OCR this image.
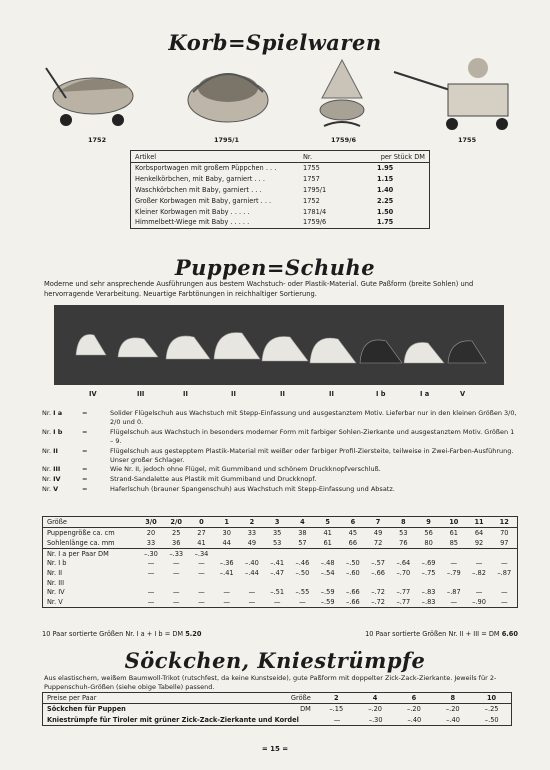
Korb=Spielwaren
1752	1795/1	1759/6	1755
Artikel	Nr.	per Stück DM
Korbsportwagen mit großem Püppchen . . .	1755	1.95
Henkelkörbchen, mit Baby, garniert . . .	1757	1.15
Waschkörbchen mit Baby, garniert . . .	1795/1	1.40
Großer Korbwagen mit Baby, garniert . . .	1752	2.25
Kleiner Korbwagen mit Baby . . . . .	1781/4	1.50
Himmelbett-Wiege mit Baby . . . . .	1759/6	1.75
Puppen=Schuhe
Moderne und sehr ansprechende Ausführungen aus bestem Wachstuch- oder Plastik-Material. Gute Paßform (breite Sohlen) und hervorragende Verarbeitung. Neuartige Farbtönungen in reichhaltiger Sortierung.
IV	III	II	II	II	II	I b	I a	V
Nr. I a	=	Solider Flügelschuh aus Wachstuch mit Stepp-Einfassung und ausgestanztem Motiv. Lieferbar nur in den kleinen Größen 3/0, 2/0 und 0.
Nr. I b	=	Flügelschuh aus Wachstuch in besonders moderner Form mit farbiger Sohlen-Zierkante und ausgestanztem Motiv. Größen 1 – 9.
Nr. II	=	Flügelschuh aus gestepptem Plastik-Material mit weißer oder farbiger Profil-Ziersteite, teilweise in Zwei-Farben-Ausführung. Unser großer Schlager.
Nr. III	=	Wie Nr. II, jedoch ohne Flügel, mit Gummiband und schönem Druckknopfverschluß.
Nr. IV	=	Strand-Sandalette aus Plastik mit Gummiband und Druckknopf.
Nr. V	=	Haferlschuh (brauner Spangenschuh) aus Wachstuch mit Stepp-Einfassung und Absatz.
Größe	3/0	2/0	0	1	2	3	4	5	6	7	8	9	10	11	12
Puppengröße ca. cm	20	25	27	30	33	35	38	41	45	49	53	56	61	64	70
Sohlenlänge ca. mm	33	36	41	44	49	53	57	61	66	72	76	80	85	92	97
Nr. I a per Paar DM	–.30	–.33	–.34
Nr. I b	—	—	—	–.36	–.40	–.41	–.46	–.48	–.50	–.57	–.64	–.69	—	—	—
Nr. II	—	—	—	–.41	–.44	–.47	–.50	–.54	–.60	–.66	–.70	–.75	–.79	–.82	–.87
Nr. III
Nr. IV	—	—	—	—	—	–.51	–.55	–.59	–.66	–.72	–.77	–.83	–.87	—	—
Nr. V	—	—	—	—	—	—	—	–.59	–.66	–.72	–.77	–.83	—	–.90	—
10 Paar sortierte Größen Nr. I a + I b = DM 5.20	10 Paar sortierte Größen Nr. II + III = DM 6.60
Söckchen, Kniestrümpfe
Aus elastischem, weißem Baumwoll-Trikot (rutschfest, da keine Kunstseide), gute Paßform mit doppelter Zick-Zack-Zierkante. Jeweils für 2-Puppenschuh-Größen (siehe obige Tabelle) passend.
Preise per Paar	Größe	2	4	6	8	10
Söckchen für Puppen	DM	–.15	–.20	–.20	–.20	–.25
Kniestrümpfe für Tiroler mit grüner Zick-Zack-Zierkante und Kordel	—	–.30	–.40	–.40	–.50
= 15 =
